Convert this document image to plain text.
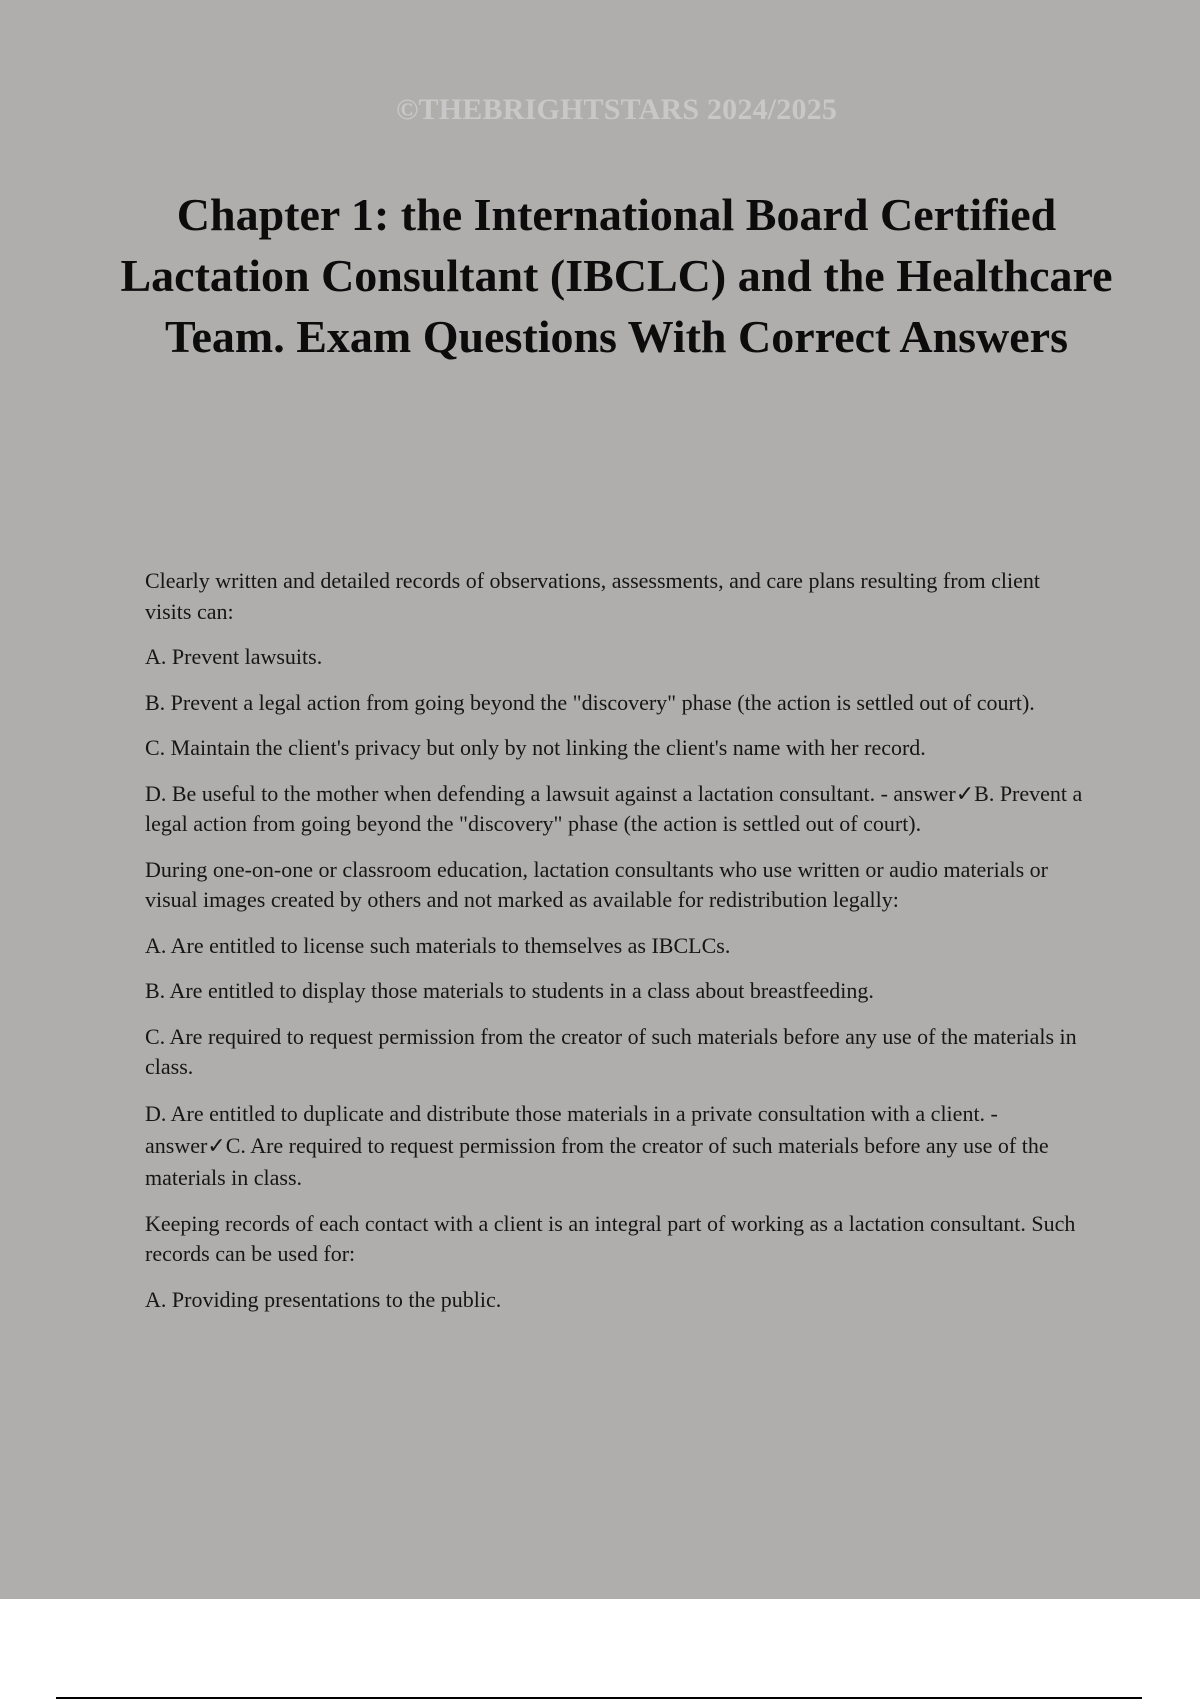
©THEBRIGHTSTARS 2024/2025
Chapter 1: the International Board Certified Lactation Consultant (IBCLC) and the Healthcare Team. Exam Questions With Correct Answers

Clearly written and detailed records of observations, assessments, and care plans resulting from client visits can:

A. Prevent lawsuits.

B. Prevent a legal action from going beyond the "discovery" phase (the action is settled out of court).

C. Maintain the client's privacy but only by not linking the client's name with her record.

D. Be useful to the mother when defending a lawsuit against a lactation consultant. - answer✓B. Prevent a legal action from going beyond the "discovery" phase (the action is settled out of court).

During one-on-one or classroom education, lactation consultants who use written or audio materials or visual images created by others and not marked as available for redistribution legally:

A. Are entitled to license such materials to themselves as IBCLCs.

B. Are entitled to display those materials to students in a class about breastfeeding.

C. Are required to request permission from the creator of such materials before any use of the materials in class.

D. Are entitled to duplicate and distribute those materials in a private consultation with a client. - answer✓C. Are required to request permission from the creator of such materials before any use of the materials in class.

Keeping records of each contact with a client is an integral part of working as a lactation consultant. Such records can be used for:

A. Providing presentations to the public.
